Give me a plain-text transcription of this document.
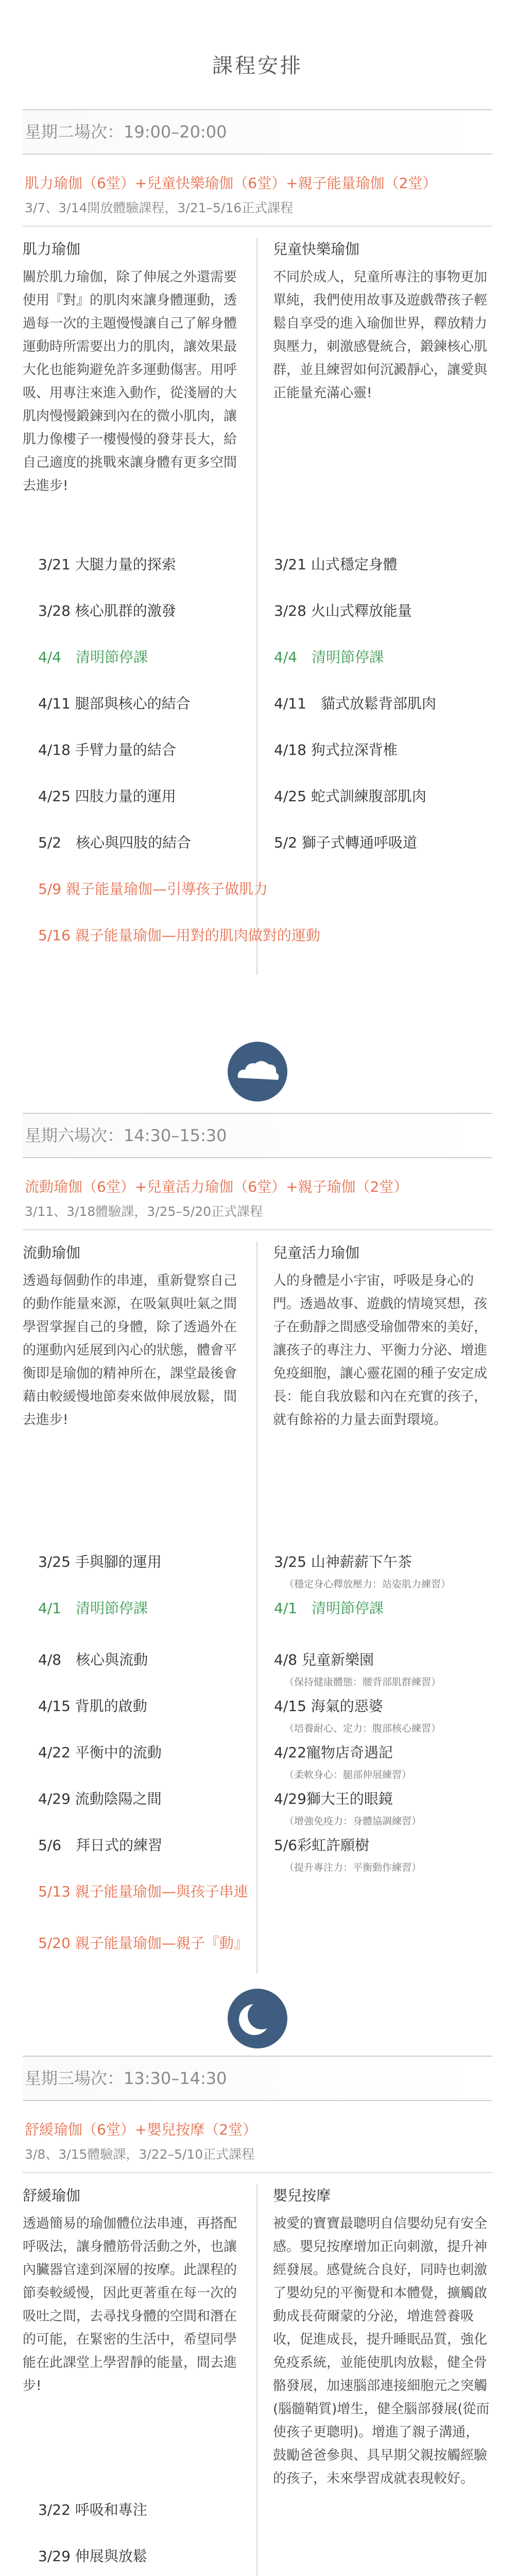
課程安排
星期二場次：19:00–20:00
肌力瑜伽（6堂）+兒童快樂瑜伽（6堂）+親子能量瑜伽（2堂）
3/7、3/14開放體驗課程，3/21–5/16正式課程
肌力瑜伽
關於肌力瑜伽，除了伸展之外還需要使用『對』的肌肉來讓身體運動，透過每一次的主題慢慢讓自己了解身體運動時所需要出力的肌肉，讓效果最大化也能夠避免許多運動傷害。用呼吸、用專注來進入動作，從淺層的大肌肉慢慢鍛鍊到內在的微小肌肉，讓肌力像樓子一樓慢慢的發芽長大，給自己適度的挑戰來讓身體有更多空間去進步!
兒童快樂瑜伽
不同於成人，兒童所專注的事物更加單純，我們使用故事及遊戲帶孩子輕鬆自享受的進入瑜伽世界，釋放精力與壓力，刺激感覺統合，鍛鍊核心肌群，並且練習如何沉澱靜心，讓愛與正能量充滿心靈!
3/21 大腿力量的探索	3/21 山式穩定身體
3/28 核心肌群的激發	3/28 火山式釋放能量
4/4　清明節停課	4/4　清明節停課
4/11 腿部與核心的結合	4/11　貓式放鬆背部肌肉
4/18 手臂力量的結合	4/18 狗式拉深背椎
4/25 四肢力量的運用	4/25 蛇式訓練腹部肌肉
5/2　核心與四肢的結合	5/2 獅子式轉通呼吸道
5/9 親子能量瑜伽—引導孩子做肌力
5/16 親子能量瑜伽—用對的肌肉做對的運動
星期六場次：14:30–15:30
流動瑜伽（6堂）+兒童活力瑜伽（6堂）+親子瑜伽（2堂）
3/11、3/18體驗課，3/25–5/20正式課程
流動瑜伽
透過每個動作的串連，重新覺察自己的動作能量來源，在吸氣與吐氣之間學習掌握自己的身體，除了透過外在的運動內延展到內心的狀態，體會平衡即是瑜伽的精神所在，課堂最後會藉由較緩慢地節奏來做伸展放鬆，間去進步!
兒童活力瑜伽
人的身體是小宇宙，呼吸是身心的門。透過故事、遊戲的情境冥想，孩子在動靜之間感受瑜伽帶來的美好，讓孩子的專注力、平衡力分泌、增進免疫細胞，讓心靈花園的種子安定成長：能自我放鬆和內在充實的孩子，就有餘裕的力量去面對環境。
3/25 手與腳的運用	3/25 山神薪薪下午茶
（穩定身心釋放壓力：站姿肌力練習）
4/1　清明節停課	4/1　清明節停課
4/8　核心與流動	4/8 兒童新樂園
（保持健康體態：腰背部肌群練習）
4/15 背肌的啟動	4/15 海氣的惡婆
（培養耐心、定力：腹部核心練習）
4/22 平衡中的流動	4/22寵物店奇遇記
（柔軟身心：腿部伸展練習）
4/29 流動陰陽之間	4/29獅大王的眼鏡
（增強免疫力：身體協調練習）
5/6　拜日式的練習	5/6彩虹許願樹
（提升專注力：平衡動作練習）
5/13 親子能量瑜伽—與孩子串連
5/20 親子能量瑜伽—親子『動』
星期三場次：13:30–14:30
舒緩瑜伽（6堂）+嬰兒按摩（2堂）
3/8、3/15體驗課，3/22–5/10正式課程
舒緩瑜伽
透過簡易的瑜伽體位法串連，再搭配呼吸法，讓身體筋骨活動之外，也讓內臟器官達到深層的按摩。此課程的節奏較緩慢，因此更著重在每一次的吸吐之間，去尋找身體的空間和潛在的可能，在緊密的生活中，希望同學能在此課堂上學習靜的能量，間去進步!
嬰兒按摩
被愛的寶寶最聰明自信嬰幼兒有安全感。嬰兒按摩增加正向刺激，提升神經發展。感覺統合良好，同時也刺激了嬰幼兒的平衡覺和本體覺，擴觸啟動成長荷爾蒙的分泌，增進營養吸收，促進成長，提升睡眠品質，強化免疫系統，並能使肌肉放鬆，健全骨骼發展，加速腦部連接細胞元之突觸(腦髓鞘質)增生，健全腦部發展(從而使孩子更聰明)。增進了親子溝通，鼓勵爸爸參與、具早期父親按觸經驗的孩子，未來學習成就表現較好。
3/22 呼吸和專注
3/29 伸展與放鬆
